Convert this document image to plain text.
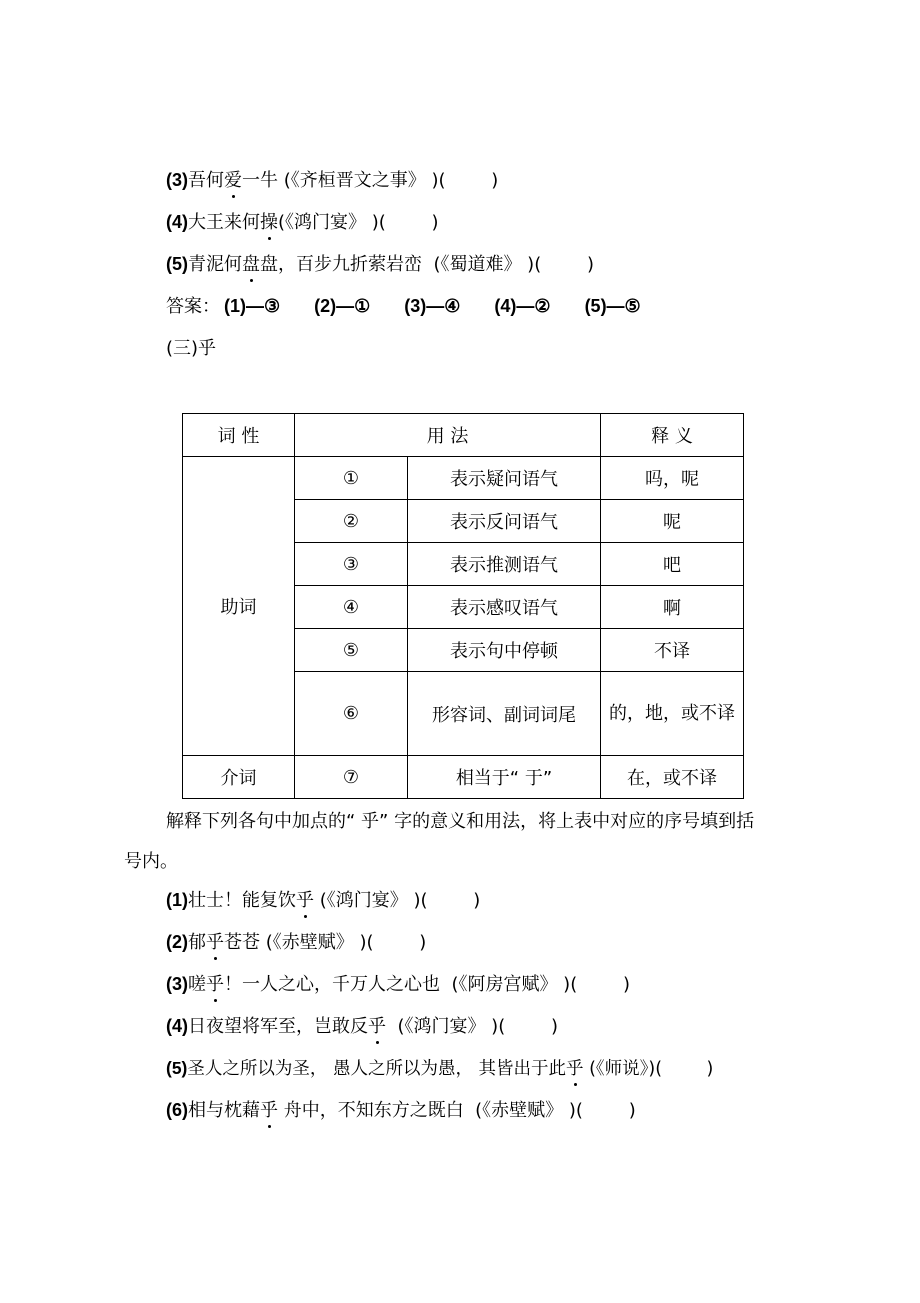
(3)吾何爱一牛 (《齐桓晋文之事》 )(        )
(4)大王来何操(《鸿门宴》 )(        )
(5)青泥何盘盘，百步九折萦岩峦  (《蜀道难》 )(        )
答案： (1)—③ (2)—① (3)—④ (4)—② (5)—⑤
(三)乎
词 性	用 法		释 义
助词	①	表示疑问语气	吗，呢
	②	表示反问语气	呢
	③	表示推测语气	吧
	④	表示感叹语气	啊
	⑤	表示句中停顿	不译
	⑥	形容词、副词词尾	的，地，或不译
介词	⑦	相当于“ 于”	在，或不译
解释下列各句中加点的“ 乎” 字的意义和用法，将上表中对应的序号填到括号内。
(1)壮士！能复饮乎 (《鸿门宴》 )(        )
(2)郁乎苍苍 (《赤壁赋》 )(        )
(3)嗟乎！一人之心，千万人之心也  (《阿房宫赋》 )(        )
(4)日夜望将军至，岂敢反乎  (《鸿门宴》 )(        )
(5)圣人之所以为圣， 愚人之所以为愚， 其皆出于此乎 (《师说》)(        )
(6)相与枕藉乎 舟中，不知东方之既白  (《赤壁赋》 )(        )
